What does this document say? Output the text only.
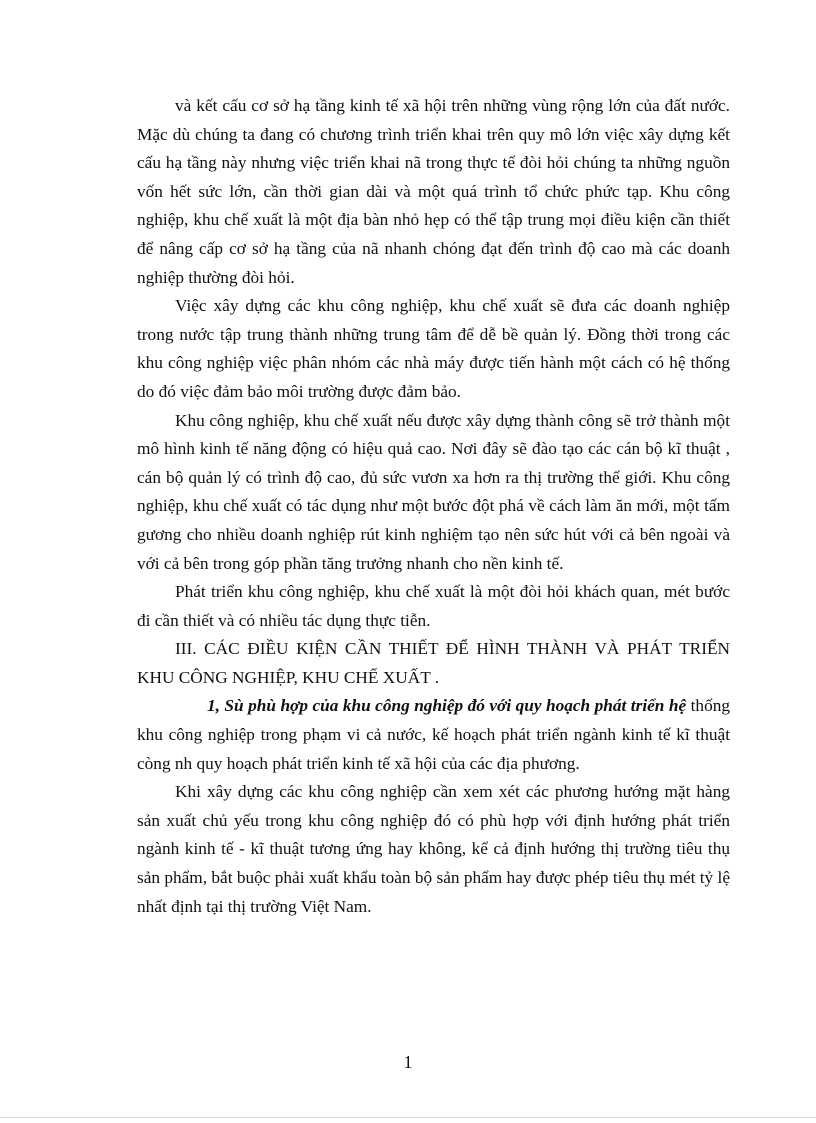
và kết cấu cơ sở hạ tầng kinh tế xã hội trên những vùng rộng lớn của đất nước. Mặc dù chúng ta đang có chương trình triển khai trên quy mô lớn việc xây dựng kết cấu hạ tầng này nhưng việc triển khai nã trong thực tế đòi hỏi chúng ta những nguồn vốn hết sức lớn, cần thời gian dài và một quá trình tổ chức phức tạp. Khu công nghiệp, khu chế xuất là một địa bàn nhỏ hẹp có thể tập trung mọi điều kiện cần thiết để nâng cấp cơ sở hạ tầng của nã nhanh chóng đạt đến trình độ cao mà các doanh nghiệp thường đòi hỏi.

Việc xây dựng các khu công nghiệp, khu chế xuất sẽ đưa các doanh nghiệp trong nước tập trung thành những trung tâm để dễ bề quản lý. Đồng thời trong các khu công nghiệp việc phân nhóm các nhà máy được tiến hành một cách có hệ thống do đó việc đảm bảo môi trường được đảm bảo.

Khu công nghiệp, khu chế xuất nếu được xây dựng thành công sẽ trở thành một mô hình kinh tế năng động có hiệu quả cao. Nơi đây sẽ đào tạo các cán bộ kĩ thuật , cán bộ quản lý có trình độ cao, đủ sức vươn xa hơn ra thị trường thế giới. Khu công nghiệp, khu chế xuất có tác dụng như một bước đột phá về cách làm ăn mới, một tấm gương cho nhiều doanh nghiệp rút kinh nghiệm tạo nên sức hút với cả bên ngoài và với cả bên trong góp phần tăng trưởng nhanh cho nền kinh tế.

Phát triển khu công nghiệp, khu chế xuất là một đòi hỏi khách quan, mét bước đi cần thiết và có nhiều tác dụng thực tiễn.

III. CÁC ĐIỀU KIỆN CẦN THIẾT ĐỂ HÌNH THÀNH VÀ PHÁT TRIỂN KHU CÔNG NGHIỆP, KHU CHẾ XUẤT .

1, Sù phù hợp của khu công nghiệp đó với quy hoạch phát triển hệ thống khu công nghiệp trong phạm vi cả nước, kế hoạch phát triển ngành kinh tế kĩ thuật còng nh quy hoạch phát triển kinh tế xã hội của các địa phương.

Khi xây dựng các khu công nghiệp cần xem xét các phương hướng mặt hàng sản xuất chủ yếu trong khu công nghiệp đó có phù hợp với định hướng phát triển ngành kinh tế - kĩ thuật tương ứng hay không, kể cả định hướng thị trường tiêu thụ sản phẩm, bắt buộc phải xuất khẩu toàn bộ sản phẩm hay được phép tiêu thụ mét tỷ lệ nhất định tại thị trường Việt Nam.

1
